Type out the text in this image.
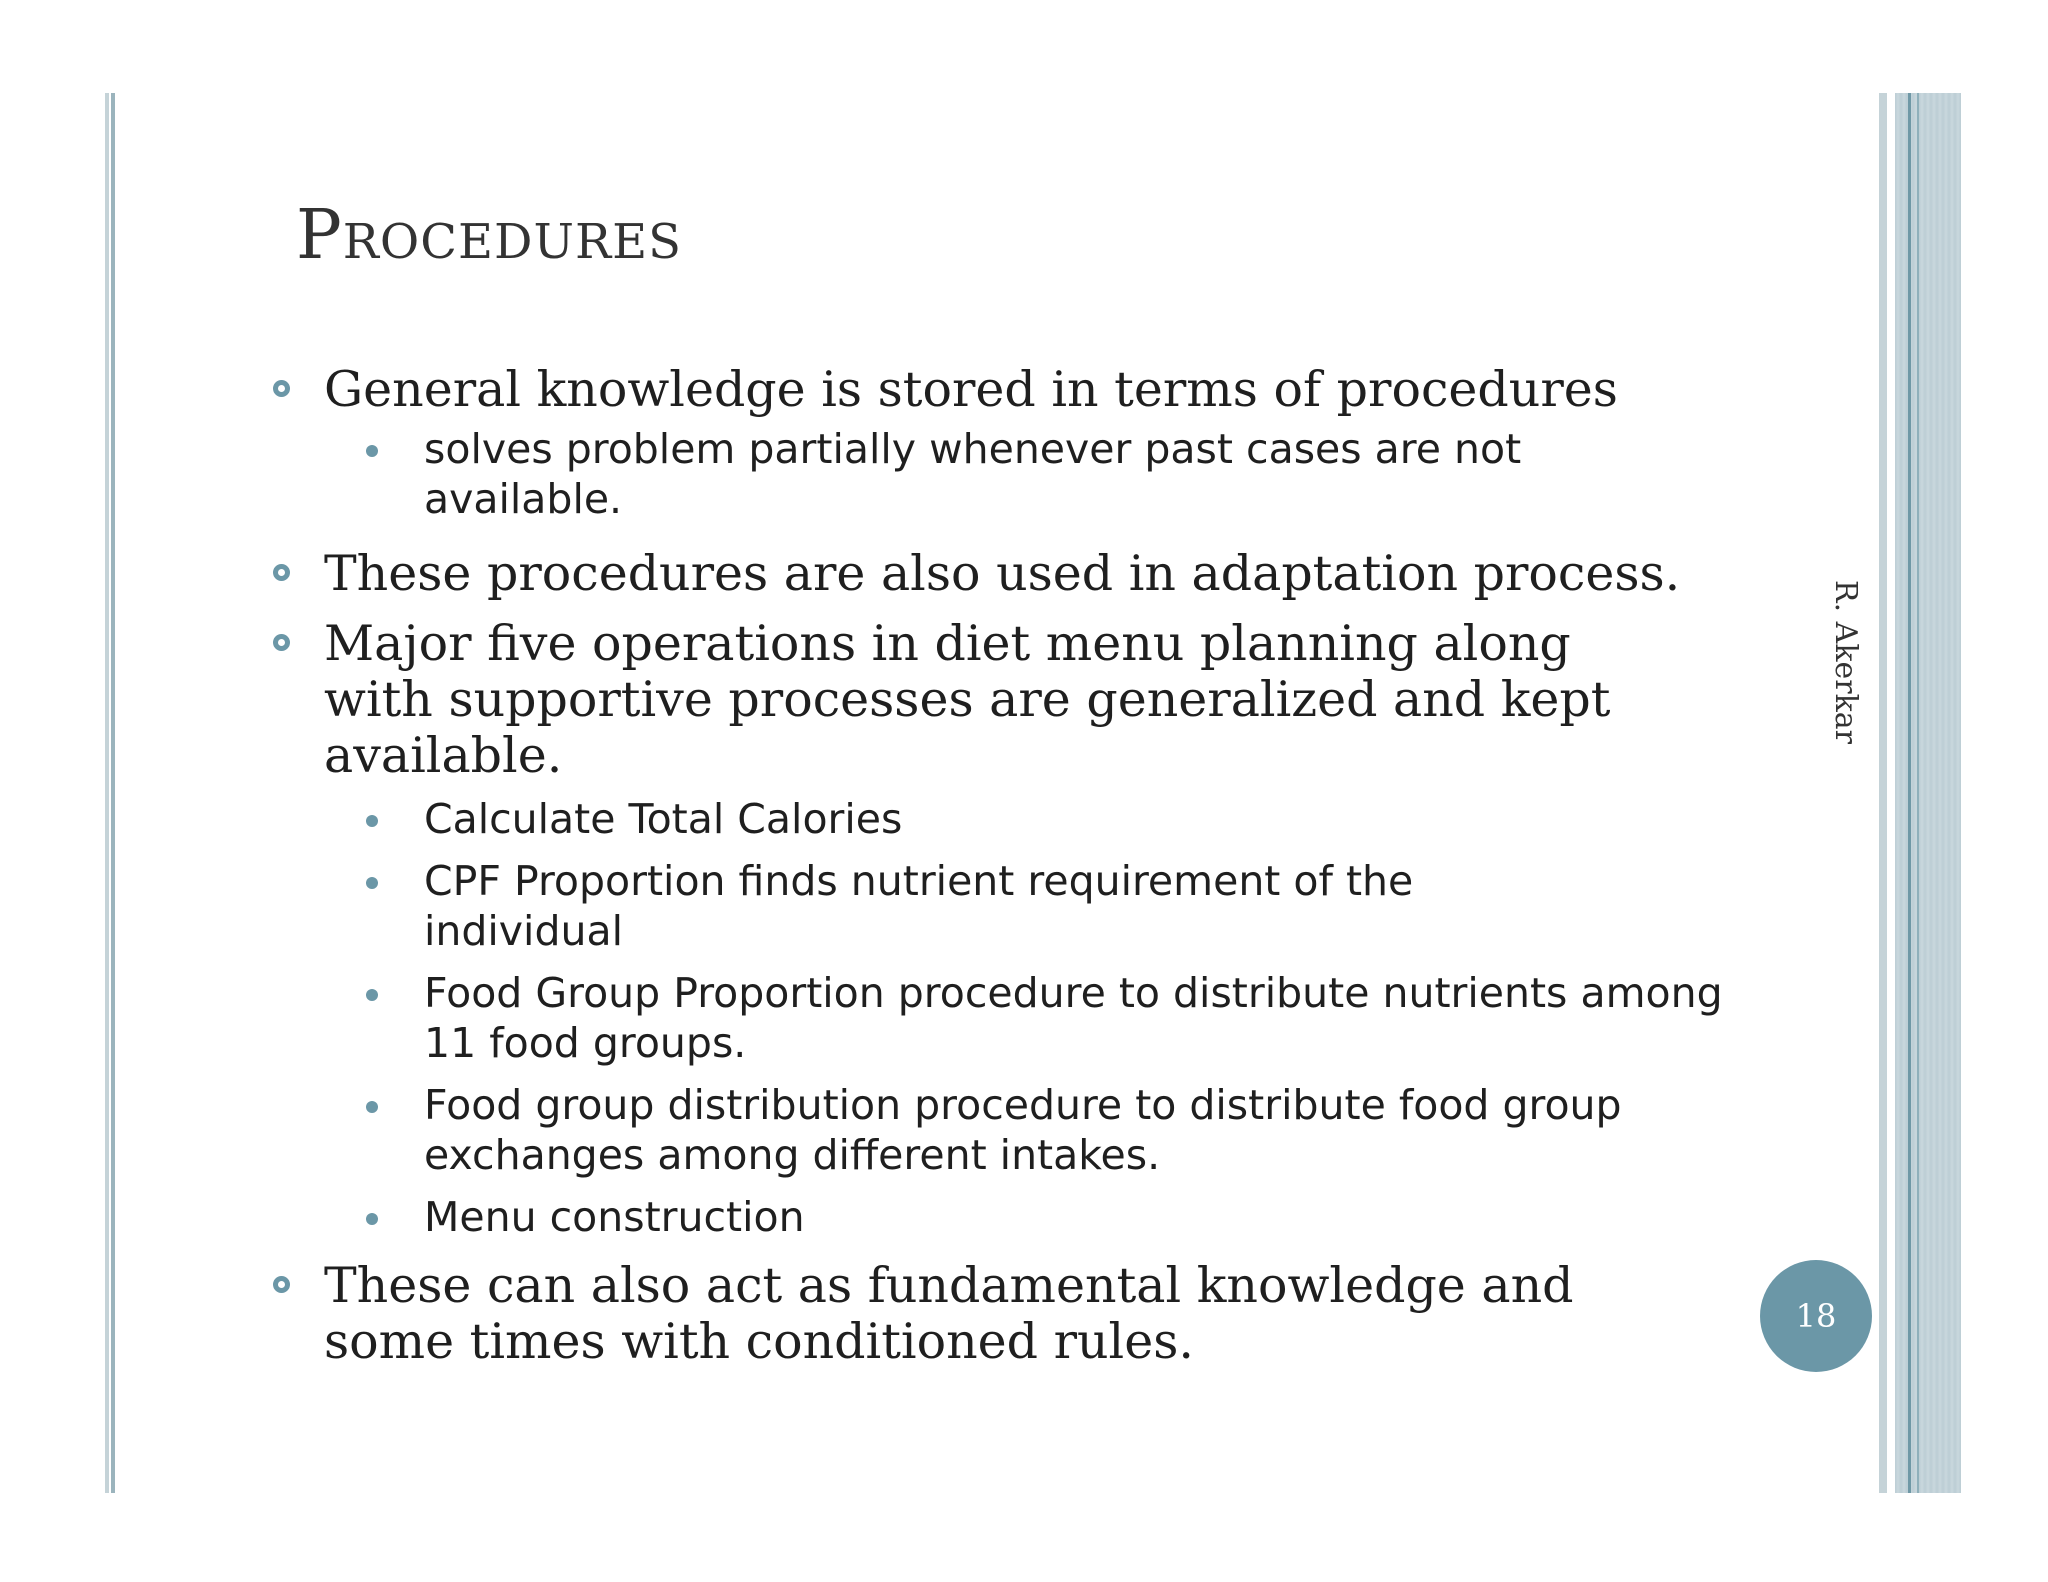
Procedures
General knowledge is stored in terms of procedures
solves problem partially whenever past cases are not available.
These procedures are also used in adaptation process.
Major five operations in diet menu planning along with supportive processes are generalized and kept available.
Calculate Total Calories
CPF Proportion finds nutrient requirement of the individual
Food Group Proportion procedure to distribute nutrients among 11 food groups.
Food group distribution procedure to distribute food group exchanges among different intakes.
Menu construction
These can also act as fundamental knowledge and some times with conditioned rules.
R. Akerkar
18
